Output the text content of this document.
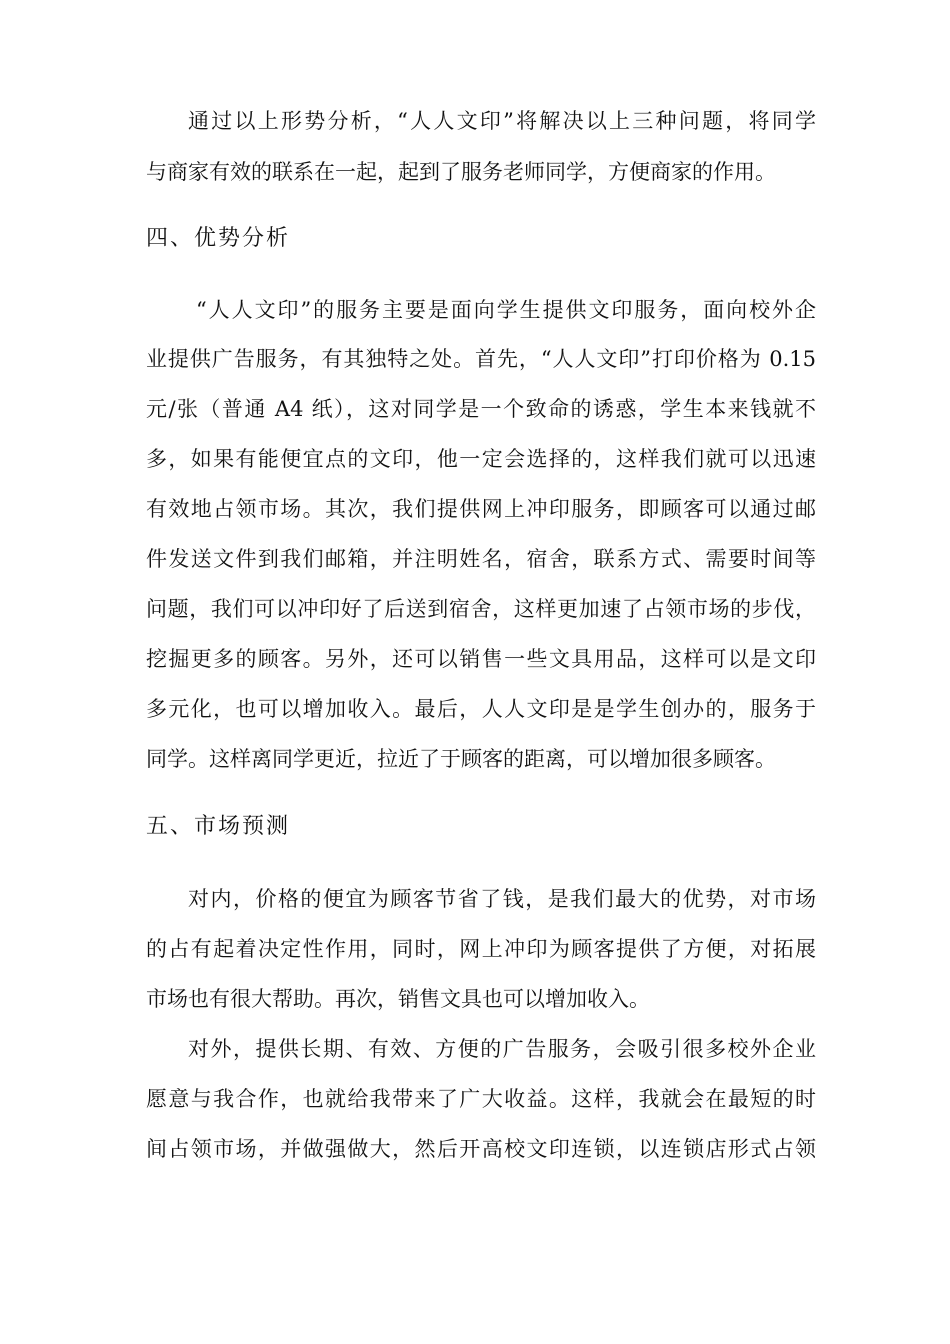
通过以上形势分析，“人人文印”将解决以上三种问题，将同学
与商家有效的联系在一起，起到了服务老师同学，方便商家的作用。
四、优势分析
“人人文印”的服务主要是面向学生提供文印服务，面向校外企
业提供广告服务，有其独特之处。首先，“人人文印”打印价格为 0.15
元/张（普通 A4 纸），这对同学是一个致命的诱惑，学生本来钱就不
多，如果有能便宜点的文印，他一定会选择的，这样我们就可以迅速
有效地占领市场。其次，我们提供网上冲印服务，即顾客可以通过邮
件发送文件到我们邮箱，并注明姓名，宿舍，联系方式、需要时间等
问题，我们可以冲印好了后送到宿舍，这样更加速了占领市场的步伐，
挖掘更多的顾客。另外，还可以销售一些文具用品，这样可以是文印
多元化，也可以增加收入。最后，人人文印是是学生创办的，服务于
同学。这样离同学更近，拉近了于顾客的距离，可以增加很多顾客。
五、市场预测
对内，价格的便宜为顾客节省了钱，是我们最大的优势，对市场
的占有起着决定性作用，同时，网上冲印为顾客提供了方便，对拓展
市场也有很大帮助。再次，销售文具也可以增加收入。
对外，提供长期、有效、方便的广告服务，会吸引很多校外企业
愿意与我合作，也就给我带来了广大收益。这样，我就会在最短的时
间占领市场，并做强做大，然后开高校文印连锁，以连锁店形式占领
